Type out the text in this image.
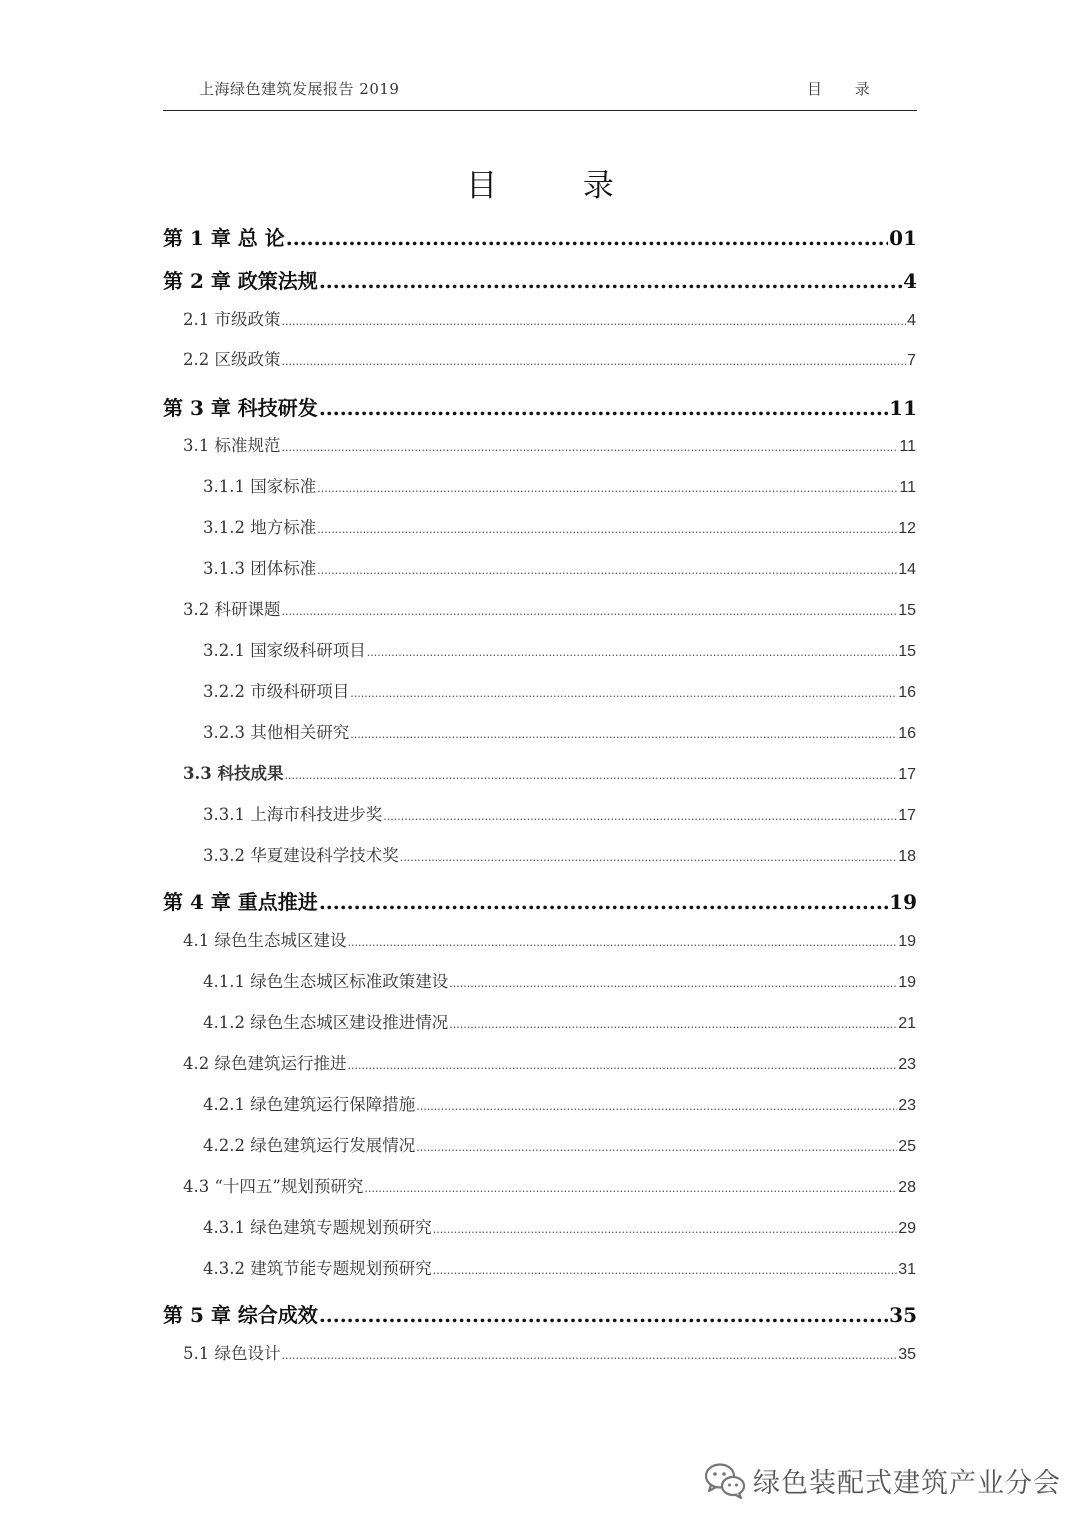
上海绿色建筑发展报告 2019	目 录
目 录
第 1 章 总 论 .....	01
第 2 章 政策法规 .....	4
2.1 市级政策 .....	4
2.2 区级政策 .....	7
第 3 章 科技研发 .....	11
3.1 标准规范 .....	11
3.1.1 国家标准 .....	11
3.1.2 地方标准 .....	12
3.1.3 团体标准 .....	14
3.2 科研课题 .....	15
3.2.1 国家级科研项目 .....	15
3.2.2 市级科研项目 .....	16
3.2.3 其他相关研究 .....	16
3.3 科技成果 .....	17
3.3.1 上海市科技进步奖 .....	17
3.3.2 华夏建设科学技术奖 .....	18
第 4 章 重点推进 .....	19
4.1 绿色生态城区建设 .....	19
4.1.1 绿色生态城区标准政策建设 .....	19
4.1.2 绿色生态城区建设推进情况 .....	21
4.2 绿色建筑运行推进 .....	23
4.2.1 绿色建筑运行保障措施 .....	23
4.2.2 绿色建筑运行发展情况 .....	25
4.3 “十四五”规划预研究 .....	28
4.3.1 绿色建筑专题规划预研究 .....	29
4.3.2 建筑节能专题规划预研究 .....	31
第 5 章 综合成效 .....	35
5.1 绿色设计 .....	35
绿色装配式建筑产业分会
